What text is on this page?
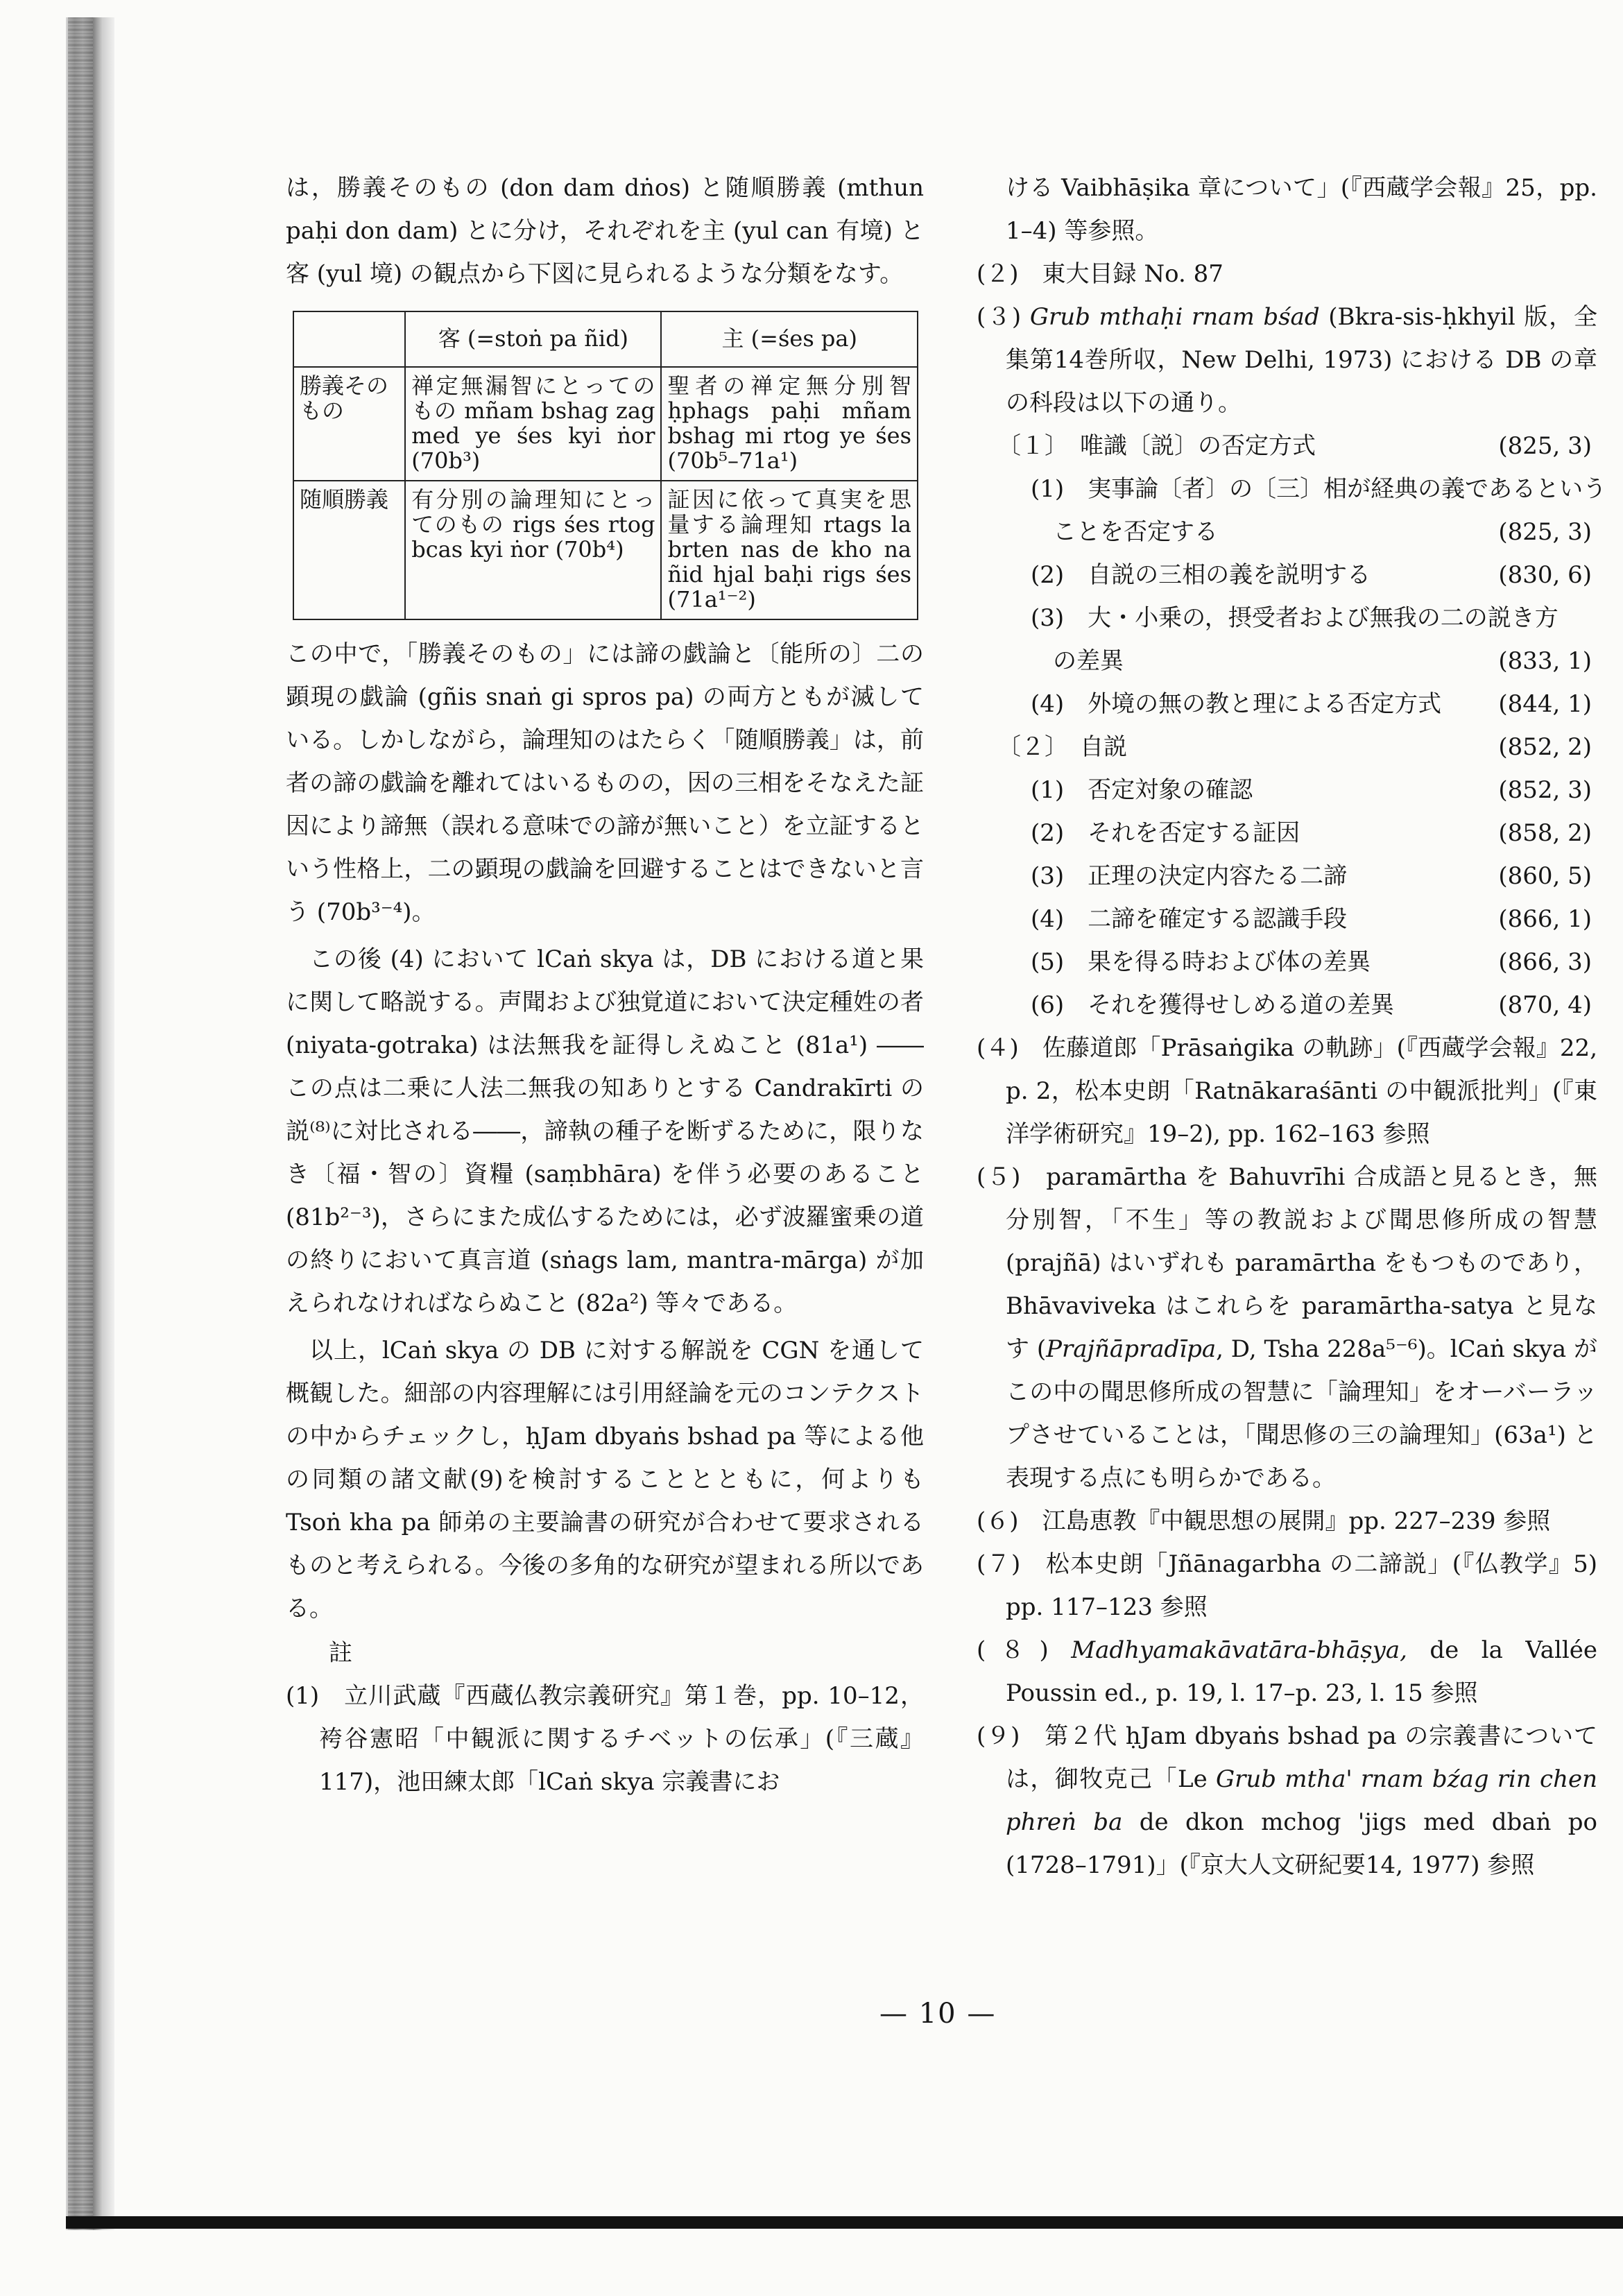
は，勝義そのもの (don dam dṅos) と随順勝義 (mthun paḥi don dam) とに分け，それぞれを主 (yul can 有境) と客 (yul 境) の観点から下図に見られるような分類をなす。

	客 (=stoṅ pa ñid)	主 (=śes pa)
勝義そのもの	禅定無漏智にとってのもの mñam bshag zag med ye śes kyi ṅor (70b³)	聖者の禅定無分別智 ḥphags paḥi mñam bshag mi rtog ye śes (70b⁵–71a¹)
随順勝義	有分別の論理知にとってのもの rigs śes rtog bcas kyi ṅor (70b⁴)	証因に依って真実を思量する論理知 rtags la brten nas de kho na ñid hjal baḥi rigs śes (71a¹⁻²)

この中で，「勝義そのもの」には諦の戯論と〔能所の〕二の顕現の戯論 (gñis snaṅ gi spros pa) の両方ともが滅している。しかしながら，論理知のはたらく「随順勝義」は，前者の諦の戯論を離れてはいるものの，因の三相をそなえた証因により諦無（誤れる意味での諦が無いこと）を立証するという性格上，二の顕現の戯論を回避することはできないと言う (70b³⁻⁴)。

この後 (4) において lCaṅ skya は，DB における道と果に関して略説する。声聞および独覚道において決定種姓の者 (niyata-gotraka) は法無我を証得しえぬこと (81a¹) ――この点は二乗に人法二無我の知ありとする Candrakīrti の説⁽⁸⁾に対比される――，諦執の種子を断ずるために，限りなき〔福・智の〕資糧 (saṃbhāra) を伴う必要のあること (81b²⁻³)，さらにまた成仏するためには，必ず波羅蜜乗の道の終りにおいて真言道 (sṅags lam, mantra-mārga) が加えられなければならぬこと (82a²) 等々である。

以上，lCaṅ skya の DB に対する解説を CGN を通して概観した。細部の内容理解には引用経論を元のコンテクストの中からチェックし，ḥJam dbyaṅs bshad pa 等による他の同類の諸文献(9)を検討することとともに，何よりも Tsoṅ kha pa 師弟の主要論書の研究が合わせて要求されるものと考えられる。今後の多角的な研究が望まれる所以である。

註

(1)　立川武蔵『西蔵仏教宗義研究』第１巻，pp. 10–12，袴谷憲昭「中観派に関するチベットの伝承」(『三蔵』117)，池田練太郎「lCaṅ skya 宗義書にお

ける Vaibhāṣika 章について」(『西蔵学会報』25，pp. 1–4) 等参照。

(２)　東大目録 No. 87

(３) Grub mthaḥi rnam bśad (Bkra-sis-ḥkhyil 版，全集第14巻所収，New Delhi, 1973) における DB の章の科段は以下の通り。

〔１〕　唯識〔説〕の否定方式	(825, 3)
(1)　実事論〔者〕の〔三〕相が経典の義であるという
ことを否定する	(825, 3)
(2)　自説の三相の義を説明する	(830, 6)
(3)　大・小乗の，摂受者および無我の二の説き方
の差異	(833, 1)
(4)　外境の無の教と理による否定方式 (844, 1)
〔２〕　自説	(852, 2)
(1)　否定対象の確認	(852, 3)
(2)　それを否定する証因	(858, 2)
(3)　正理の決定内容たる二諦	(860, 5)
(4)　二諦を確定する認識手段	(866, 1)
(5)　果を得る時および体の差異	(866, 3)
(6)　それを獲得せしめる道の差異	(870, 4)

(４)　佐藤道郎「Prāsaṅgika の軌跡」(『西蔵学会報』22, p. 2，松本史朗「Ratnākaraśānti の中観派批判」(『東洋学術研究』19–2), pp. 162–163 参照

(５)　paramārtha を Bahuvrīhi 合成語と見るとき，無分別智，「不生」等の教説および聞思修所成の智慧 (prajñā) はいずれも paramārtha をもつものであり，Bhāvaviveka はこれらを paramārtha-satya と見なす (Prajñāpradīpa, D, Tsha 228a⁵⁻⁶)。lCaṅ skya がこの中の聞思修所成の智慧に「論理知」をオーバーラップさせていることは，「聞思修の三の論理知」(63a¹) と表現する点にも明らかである。

(６)　江島恵教『中観思想の展開』pp. 227–239 参照

(７)　松本史朗「Jñānagarbha の二諦説」(『仏教学』5) pp. 117–123 参照

(８) Madhyamakāvatāra-bhāṣya, de la Vallée Poussin ed., p. 19, l. 17–p. 23, l. 15 参照

(９)　第２代 ḥJam dbyaṅs bshad pa の宗義書については，御牧克己「Le Grub mtha' rnam bźag rin chen phreṅ ba de dkon mchog 'jigs med dbaṅ po (1728–1791)」(『京大人文研紀要14, 1977) 参照

— 10 —
